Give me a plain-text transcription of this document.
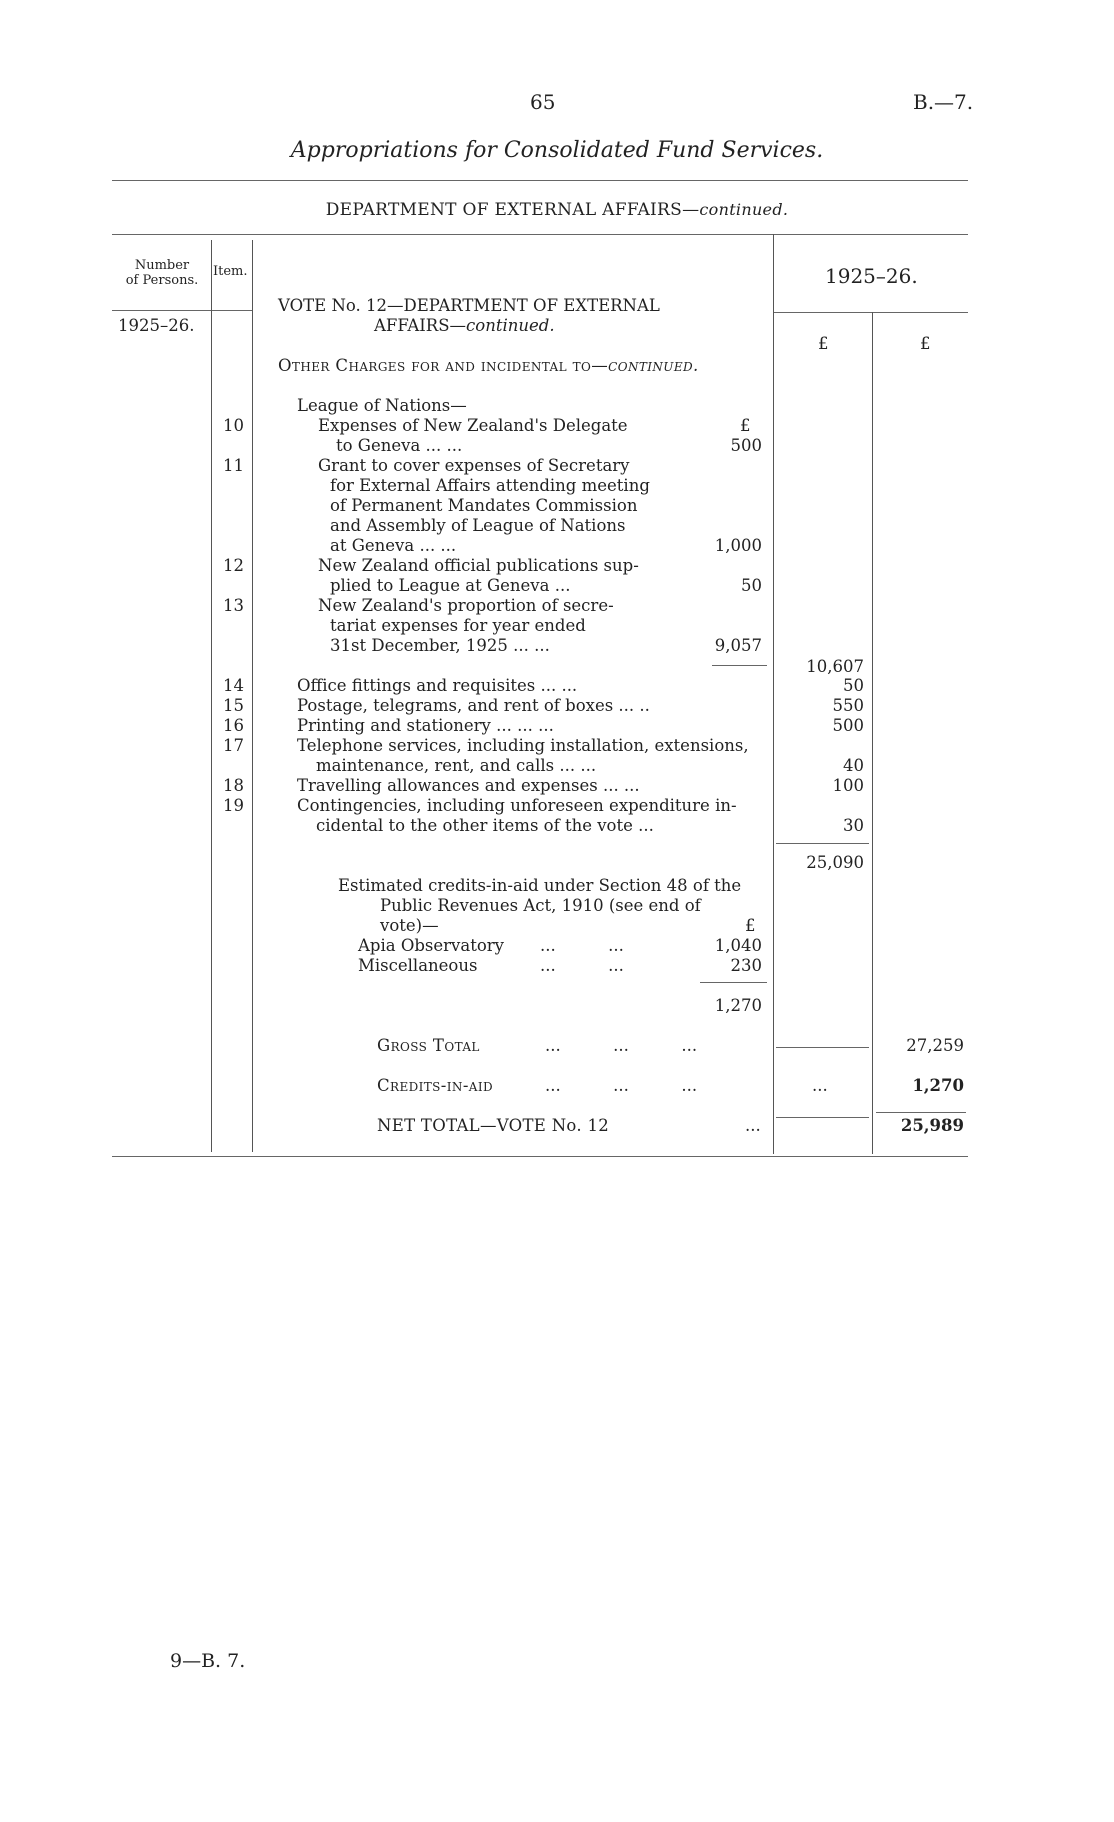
65	B.—7.
Appropriations for Consolidated Fund Services.
DEPARTMENT OF EXTERNAL AFFAIRS—continued.
Number
of Persons.
Item.
1925–26.
1925–26.
£	£
VOTE No. 12—DEPARTMENT OF EXTERNAL
AFFAIRS—continued.
Other Charges for and incidental to—continued.
League of Nations—
£
10	Expenses of New Zealand's Delegate
to Geneva ... ...	500
11	Grant to cover expenses of Secretary
for External Affairs attending meeting
of Permanent Mandates Commission
and Assembly of League of Nations
at Geneva ... ...	1,000
12	New Zealand official publications sup-
plied to League at Geneva ...	50
13	New Zealand's proportion of secre-
tariat expenses for year ended
31st December, 1925 ... ...	9,057
10,607
14	Office fittings and requisites ... ...	50
15	Postage, telegrams, and rent of boxes ... ..	550
16	Printing and stationery ... ... ...	500
17	Telephone services, including installation, extensions,
maintenance, rent, and calls ... ...	40
18	Travelling allowances and expenses ... ...	100
19	Contingencies, including unforeseen expenditure in-
cidental to the other items of the vote ...	30
25,090
Estimated credits-in-aid under Section 48 of the
Public Revenues Act, 1910 (see end of
vote)—	£
Apia Observatory ...          ...	1,040
Miscellaneous	...          ...	230
1,270
Gross Total	...          ...          ...	27,259
Credits-in-aid	...          ...          ...	...	1,270
NET TOTAL—VOTE No. 12	...	25,989
9—B. 7.
